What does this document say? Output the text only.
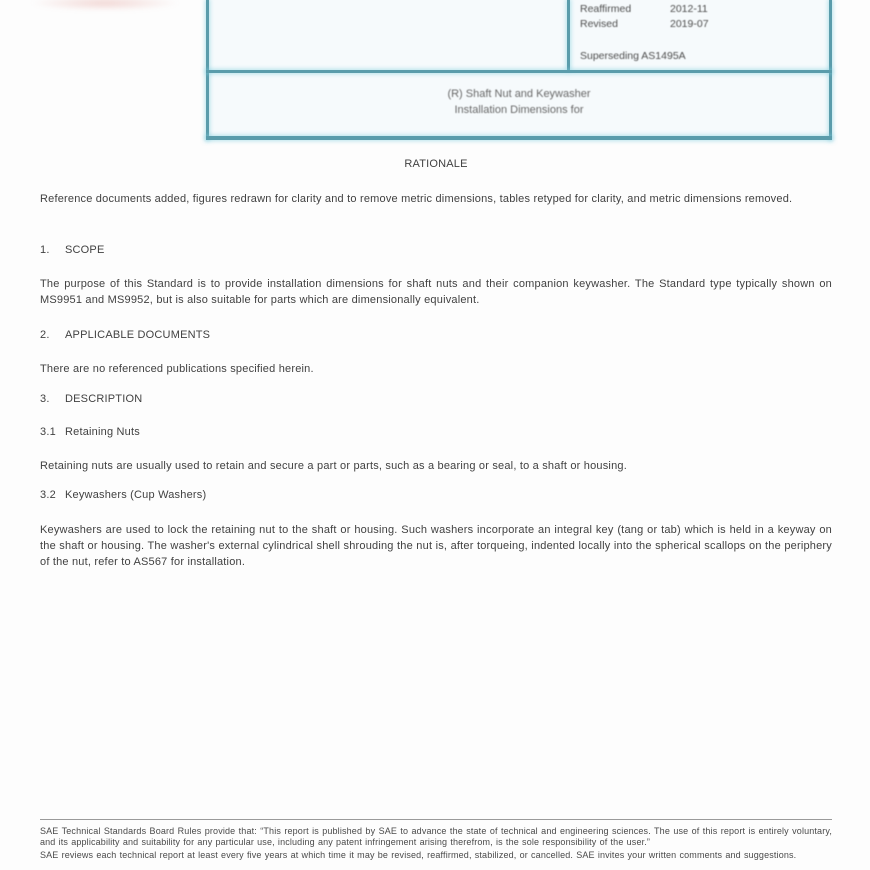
Reaffirmed	2012-11
Revised	2019-07
Superseding AS1495A
(R) Shaft Nut and Keywasher
Installation Dimensions for
RATIONALE

Reference documents added, figures redrawn for clarity and to remove metric dimensions, tables retyped for clarity, and metric dimensions removed.

1. SCOPE

The purpose of this Standard is to provide installation dimensions for shaft nuts and their companion keywasher. The Standard type typically shown on MS9951 and MS9952, but is also suitable for parts which are dimensionally equivalent.

2. APPLICABLE DOCUMENTS

There are no referenced publications specified herein.

3. DESCRIPTION
3.1 Retaining Nuts

Retaining nuts are usually used to retain and secure a part or parts, such as a bearing or seal, to a shaft or housing.

3.2 Keywashers (Cup Washers)

Keywashers are used to lock the retaining nut to the shaft or housing. Such washers incorporate an integral key (tang or tab) which is held in a keyway on the shaft or housing. The washer's external cylindrical shell shrouding the nut is, after torqueing, indented locally into the spherical scallops on the periphery of the nut, refer to AS567 for installation.

SAE Technical Standards Board Rules provide that: “This report is published by SAE to advance the state of technical and engineering sciences. The use of this report is entirely voluntary, and its applicability and suitability for any particular use, including any patent infringement arising therefrom, is the sole responsibility of the user.”

SAE reviews each technical report at least every five years at which time it may be revised, reaffirmed, stabilized, or cancelled. SAE invites your written comments and suggestions.
